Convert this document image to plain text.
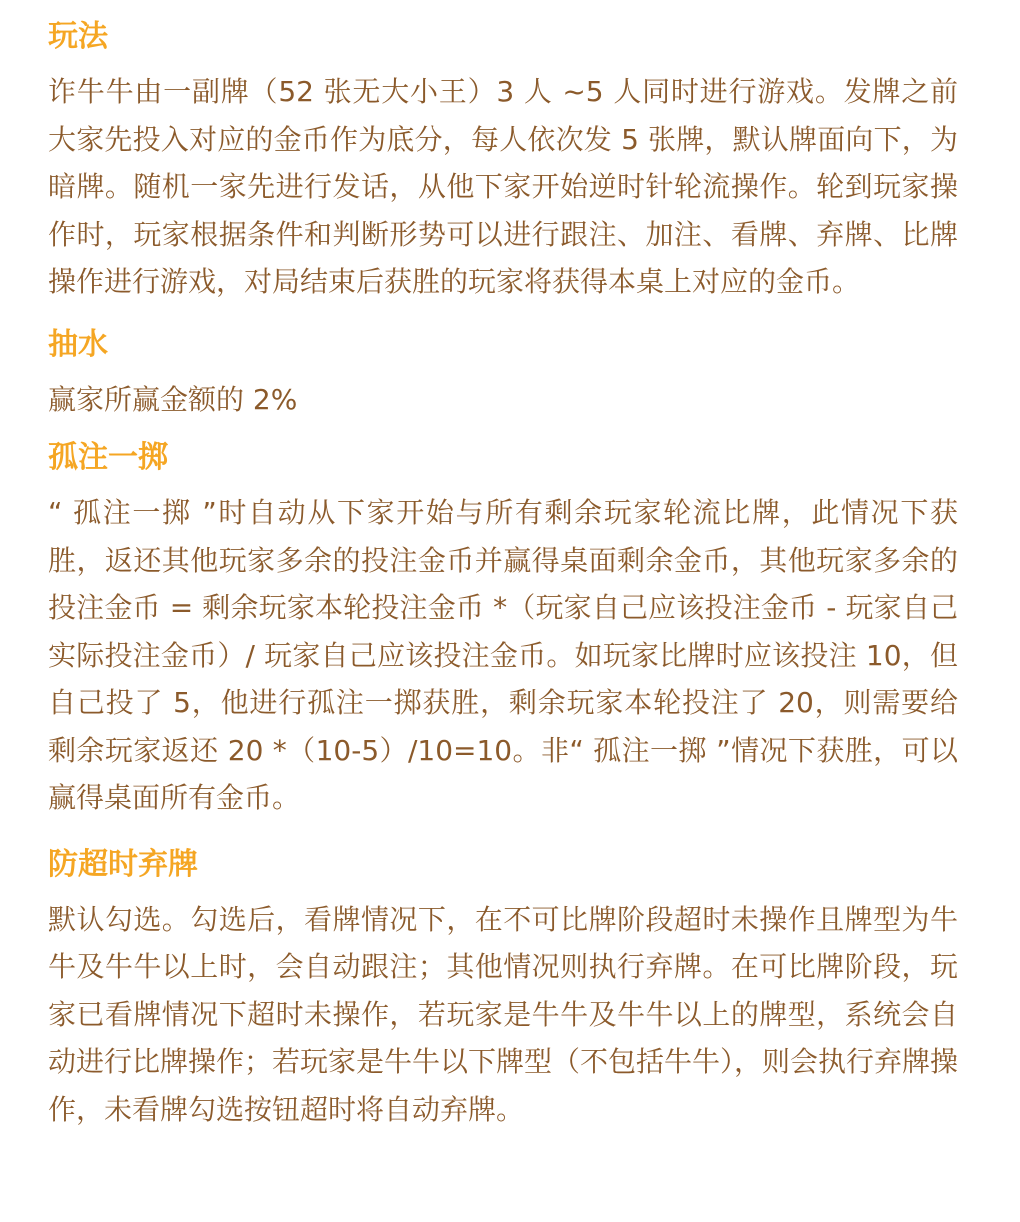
玩法

诈牛牛由一副牌（52 张无大小王）3 人 ~5 人同时进行游戏。发牌之前大家先投入对应的金币作为底分，每人依次发 5 张牌，默认牌面向下，为暗牌。随机一家先进行发话，从他下家开始逆时针轮流操作。轮到玩家操作时，玩家根据条件和判断形势可以进行跟注、加注、看牌、弃牌、比牌操作进行游戏，对局结束后获胜的玩家将获得本桌上对应的金币。

抽水

赢家所赢金额的 2%

孤注一掷

“ 孤注一掷 ”时自动从下家开始与所有剩余玩家轮流比牌，此情况下获胜，返还其他玩家多余的投注金币并赢得桌面剩余金币，其他玩家多余的投注金币 = 剩余玩家本轮投注金币 *（玩家自己应该投注金币 - 玩家自己实际投注金币）/ 玩家自己应该投注金币。如玩家比牌时应该投注 10，但自己投了 5，他进行孤注一掷获胜，剩余玩家本轮投注了 20，则需要给剩余玩家返还 20 *（10-5）/10=10。非“ 孤注一掷 ”情况下获胜，可以赢得桌面所有金币。

防超时弃牌

默认勾选。勾选后，看牌情况下，在不可比牌阶段超时未操作且牌型为牛牛及牛牛以上时，会自动跟注；其他情况则执行弃牌。在可比牌阶段，玩家已看牌情况下超时未操作，若玩家是牛牛及牛牛以上的牌型，系统会自动进行比牌操作；若玩家是牛牛以下牌型（不包括牛牛），则会执行弃牌操作，未看牌勾选按钮超时将自动弃牌。
